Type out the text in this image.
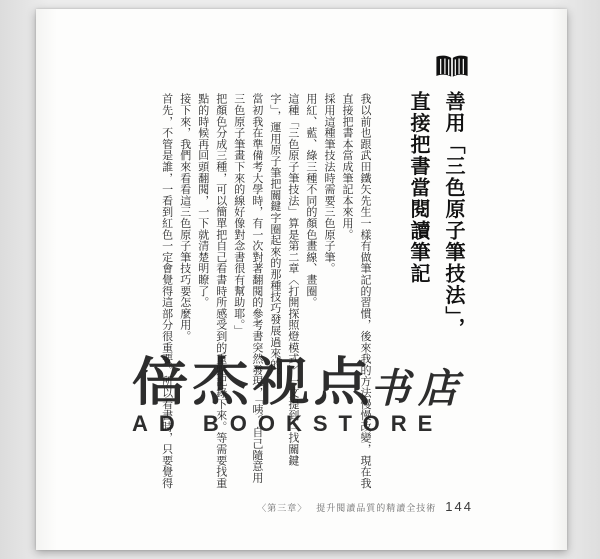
善用「三色原子筆技法」，
直接把書當閱讀筆記

我以前也跟武田鐵矢先生一樣有做筆記的習慣，後來我的方法慢慢改變，現在我直接把書本當成筆記本來用。

採用這種筆技法時需要三色原子筆。

用紅、藍、綠三種不同的顏色畫線、畫圈。

這種「三色原子筆技法」算是第二章〈打開探照燈模式〉一文提到「找關鍵字」，運用原子筆把關鍵字圈起來的那種技巧發展過來的。

當初我在準備考大學時，有一次對著翻閱的參考書突然發現，「咦？自己隨意用三色原子筆畫下來的線好像對念書很有幫助耶。」

把顏色分成三種，可以簡單把自己看書時所感受到的重點記錄下來。等需要找重點的時候再回頭翻閱，一下就清楚明瞭了。

接下來，我們來看看這三色原子筆技巧要怎麼用。

首先，不管是誰，一看到紅色一定會覺得這部分很重要。所以看書時，只要覺得

倍杰视点
书店
AD BOOKSTORE
〈第三章〉 提升閱讀品質的精讀全技術 144
